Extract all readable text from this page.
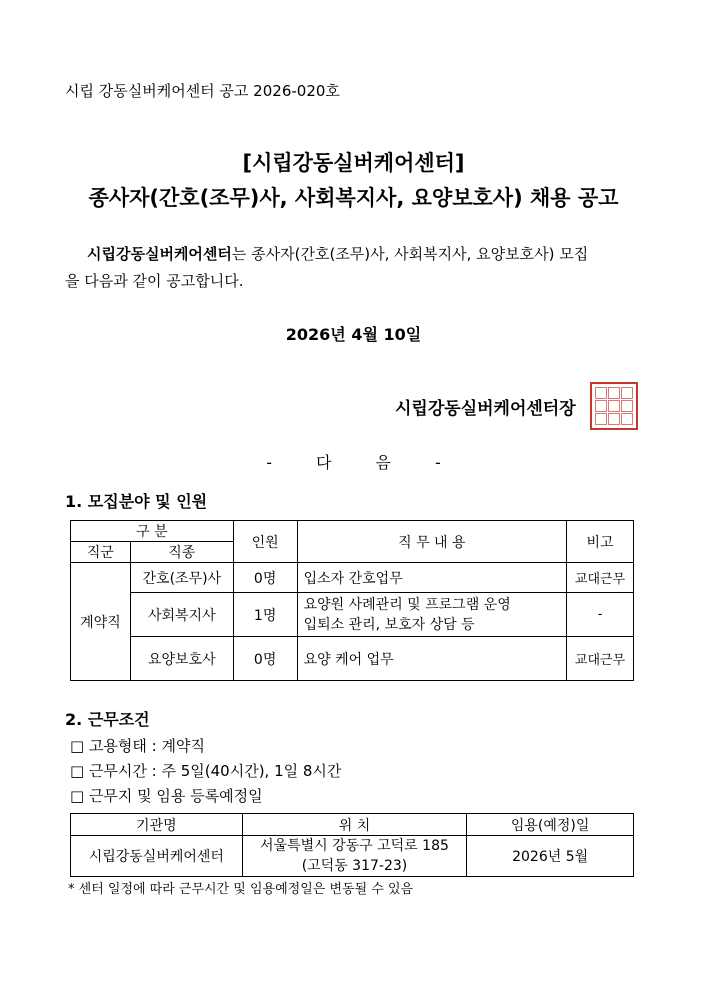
시립 강동실버케어센터 공고 2026-020호
[시립강동실버케어센터]
종사자(간호(조무)사, 사회복지사, 요양보호사) 채용 공고
시립강동실버케어센터는 종사자(간호(조무)사, 사회복지사, 요양보호사) 모집
을 다음과 같이 공고합니다.
2026년 4월 10일
시립강동실버케어센터장
-	다	음	-
1. 모집분야 및 인원
구 분		인원	직 무 내 용	비고
직군	직종			
계약직	간호(조무)사	0명	입소자 간호업무	교대근무
	사회복지사	1명	요양원 사례관리 및 프로그램 운영
입퇴소 관리, 보호자 상담 등	-
	요양보호사	0명	요양 케어 업무	교대근무
2. 근무조건
□ 고용형태 : 계약직
□ 근무시간 : 주 5일(40시간), 1일 8시간
□ 근무지 및 임용 등록예정일
기관명	위 치	임용(예정)일
시립강동실버케어센터	서울특별시 강동구 고덕로 185
(고덕동 317-23)	2026년 5월
* 센터 일정에 따라 근무시간 및 임용예정일은 변동될 수 있음
